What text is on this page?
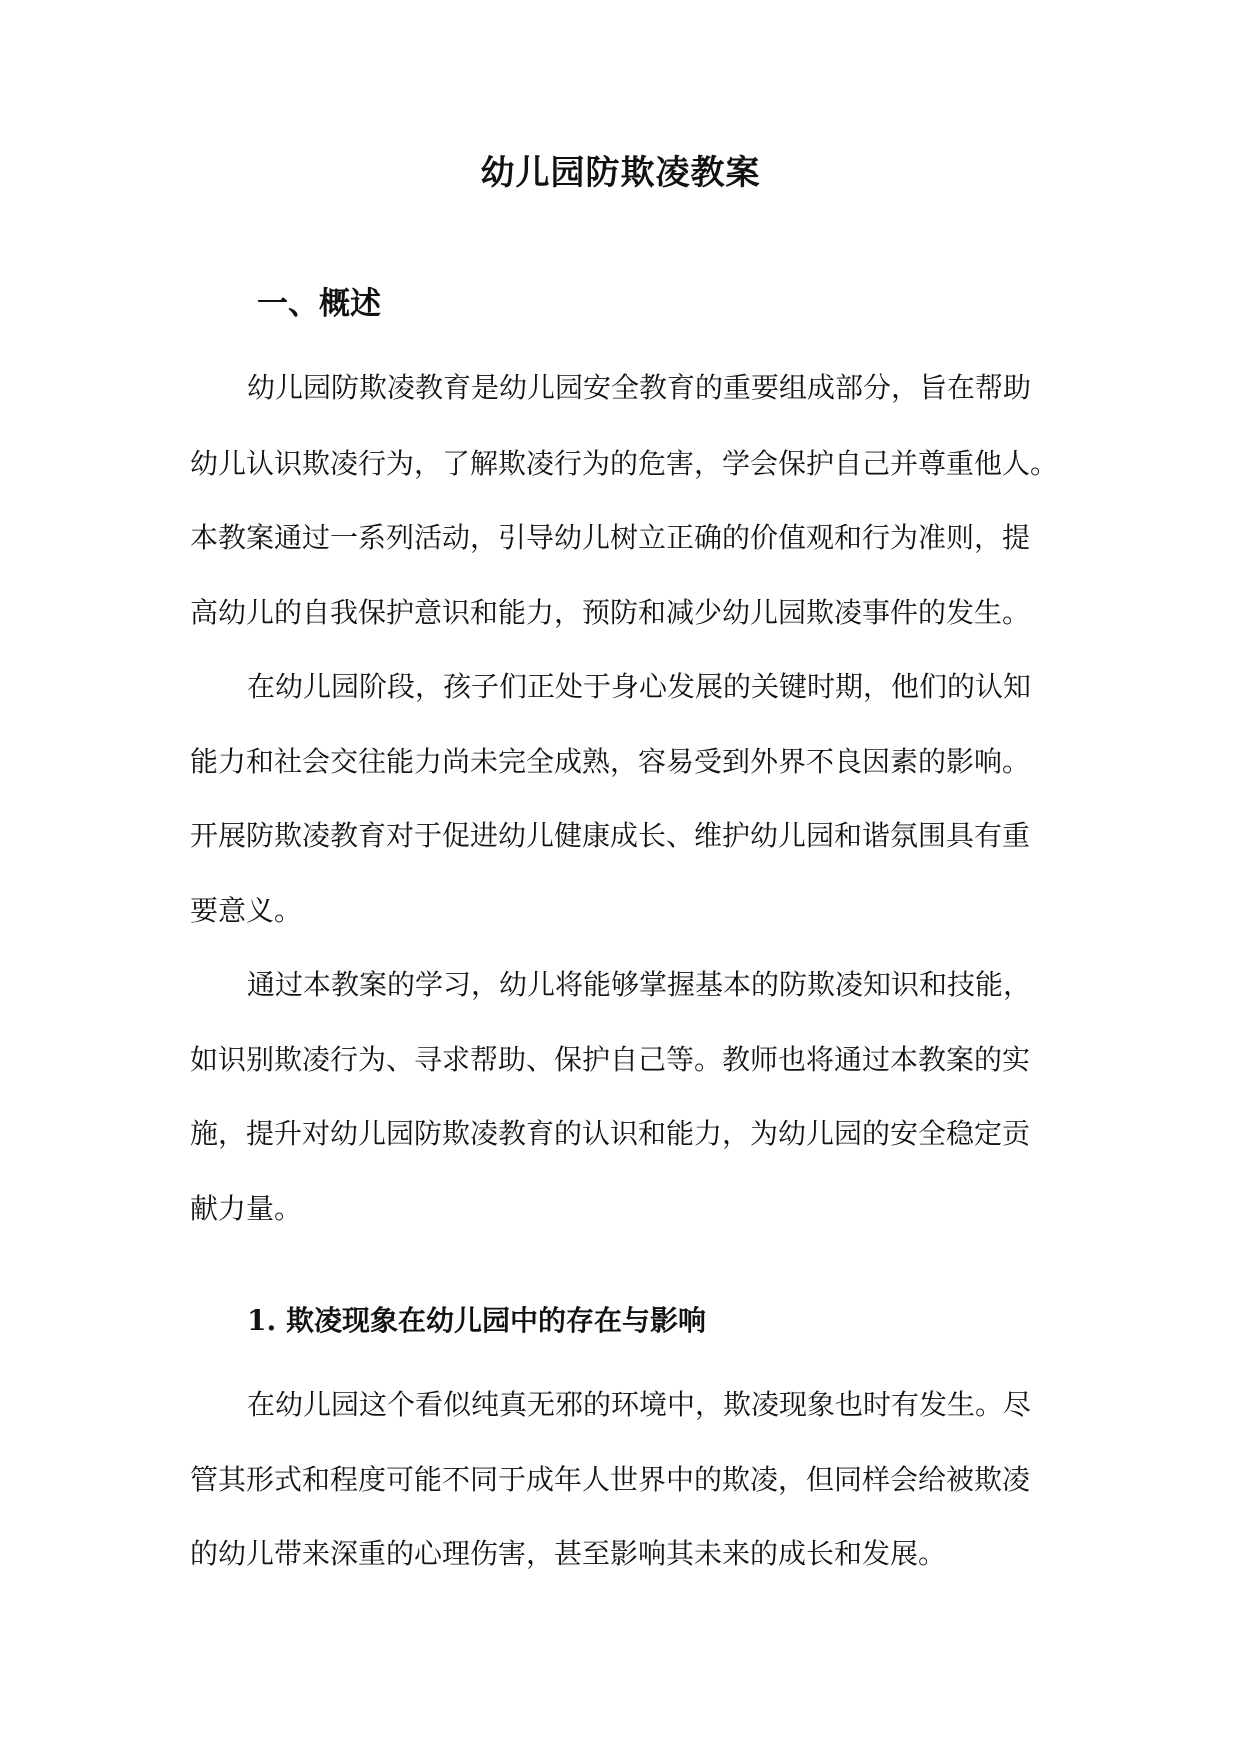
幼儿园防欺凌教案
一、概述
幼儿园防欺凌教育是幼儿园安全教育的重要组成部分，旨在帮助
幼儿认识欺凌行为，了解欺凌行为的危害，学会保护自己并尊重他人。
本教案通过一系列活动，引导幼儿树立正确的价值观和行为准则，提
高幼儿的自我保护意识和能力，预防和减少幼儿园欺凌事件的发生。
在幼儿园阶段，孩子们正处于身心发展的关键时期，他们的认知
能力和社会交往能力尚未完全成熟，容易受到外界不良因素的影响。
开展防欺凌教育对于促进幼儿健康成长、维护幼儿园和谐氛围具有重
要意义。
通过本教案的学习，幼儿将能够掌握基本的防欺凌知识和技能，
如识别欺凌行为、寻求帮助、保护自己等。教师也将通过本教案的实
施，提升对幼儿园防欺凌教育的认识和能力，为幼儿园的安全稳定贡
献力量。
1. 欺凌现象在幼儿园中的存在与影响
在幼儿园这个看似纯真无邪的环境中，欺凌现象也时有发生。尽
管其形式和程度可能不同于成年人世界中的欺凌，但同样会给被欺凌
的幼儿带来深重的心理伤害，甚至影响其未来的成长和发展。
